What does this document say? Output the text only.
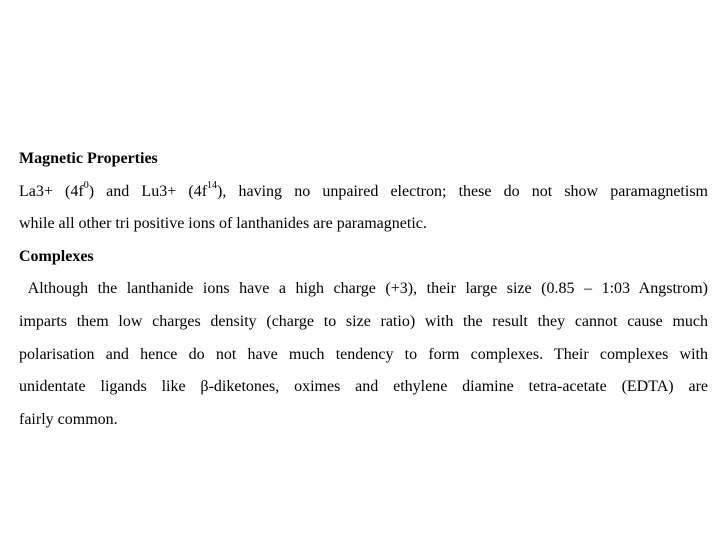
Magnetic Properties
$La3+ (4f^0)$ and $Lu3+ (4f^{14})$, having no unpaired electron; these do not show paramagnetism
while all other tri positive ions of lanthanides are paramagnetic.
Complexes
Although the lanthanide ions have a high charge (+3), their large size (0.85 – 1:03 Angstrom)
imparts them low charges density (charge to size ratio) with the result they cannot cause much
polarisation and hence do not have much tendency to form complexes. Their complexes with
unidentate ligands like β-diketones, oximes and ethylene diamine tetra-acetate (EDTA) are
fairly common.
